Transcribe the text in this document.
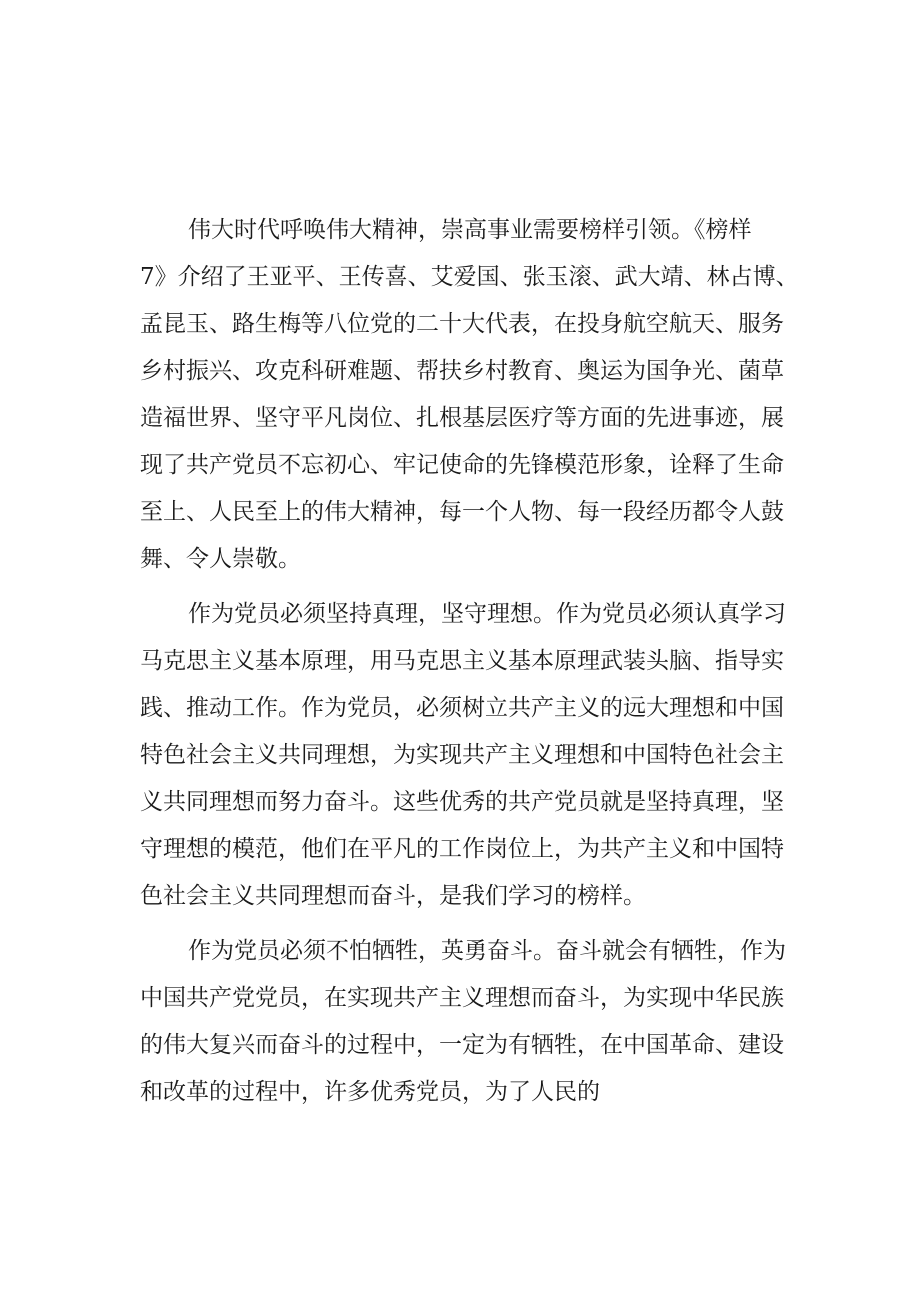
伟大时代呼唤伟大精神，崇高事业需要榜样引领。《榜样
7》介绍了王亚平、王传喜、艾爱国、张玉滚、武大靖、林占博、
孟昆玉、路生梅等八位党的二十大代表，在投身航空航天、服务
乡村振兴、攻克科研难题、帮扶乡村教育、奥运为国争光、菌草
造福世界、坚守平凡岗位、扎根基层医疗等方面的先进事迹，展
现了共产党员不忘初心、牢记使命的先锋模范形象，诠释了生命
至上、人民至上的伟大精神，每一个人物、每一段经历都令人鼓
舞、令人崇敬。
作为党员必须坚持真理，坚守理想。作为党员必须认真学习
马克思主义基本原理，用马克思主义基本原理武装头脑、指导实
践、推动工作。作为党员，必须树立共产主义的远大理想和中国
特色社会主义共同理想，为实现共产主义理想和中国特色社会主
义共同理想而努力奋斗。这些优秀的共产党员就是坚持真理，坚
守理想的模范，他们在平凡的工作岗位上，为共产主义和中国特
色社会主义共同理想而奋斗，是我们学习的榜样。
作为党员必须不怕牺牲，英勇奋斗。奋斗就会有牺牲，作为
中国共产党党员，在实现共产主义理想而奋斗，为实现中华民族
的伟大复兴而奋斗的过程中，一定为有牺牲，在中国革命、建设
和改革的过程中，许多优秀党员，为了人民的
